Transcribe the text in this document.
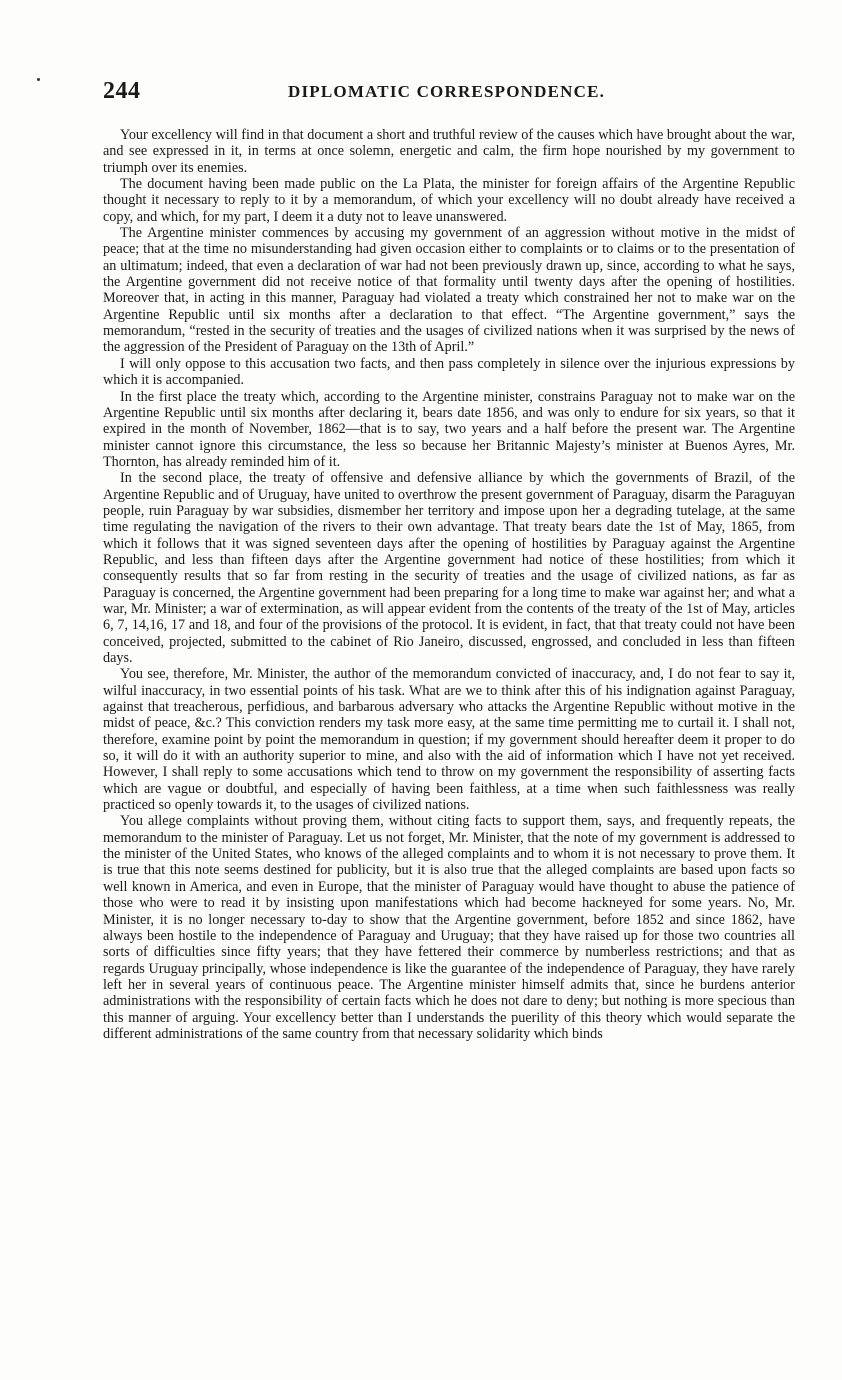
244	DIPLOMATIC CORRESPONDENCE.

Your excellency will find in that document a short and truthful review of the causes which have brought about the war, and see expressed in it, in terms at once solemn, energetic and calm, the firm hope nourished by my government to triumph over its enemies.

The document having been made public on the La Plata, the minister for foreign affairs of the Argentine Republic thought it necessary to reply to it by a memorandum, of which your excellency will no doubt already have received a copy, and which, for my part, I deem it a duty not to leave unanswered.

The Argentine minister commences by accusing my government of an aggression without motive in the midst of peace; that at the time no misunderstanding had given occasion either to complaints or to claims or to the presentation of an ultimatum; indeed, that even a declaration of war had not been previously drawn up, since, according to what he says, the Argentine government did not receive notice of that formality until twenty days after the opening of hostilities. Moreover that, in acting in this manner, Paraguay had violated a treaty which constrained her not to make war on the Argentine Republic until six months after a declaration to that effect. “The Argentine government,” says the memorandum, “rested in the security of treaties and the usages of civilized nations when it was surprised by the news of the aggression of the President of Paraguay on the 13th of April.”

I will only oppose to this accusation two facts, and then pass completely in silence over the injurious expressions by which it is accompanied.

In the first place the treaty which, according to the Argentine minister, constrains Paraguay not to make war on the Argentine Republic until six months after declaring it, bears date 1856, and was only to endure for six years, so that it expired in the month of November, 1862—that is to say, two years and a half before the present war. The Argentine minister cannot ignore this circumstance, the less so because her Britannic Majesty’s minister at Buenos Ayres, Mr. Thornton, has already reminded him of it.

In the second place, the treaty of offensive and defensive alliance by which the governments of Brazil, of the Argentine Republic and of Uruguay, have united to overthrow the present government of Paraguay, disarm the Paraguyan people, ruin Paraguay by war subsidies, dismember her territory and impose upon her a degrading tutelage, at the same time regulating the navigation of the rivers to their own advantage. That treaty bears date the 1st of May, 1865, from which it follows that it was signed seventeen days after the opening of hostilities by Paraguay against the Argentine Republic, and less than fifteen days after the Argentine government had notice of these hostilities; from which it consequently results that so far from resting in the security of treaties and the usage of civilized nations, as far as Paraguay is concerned, the Argentine government had been preparing for a long time to make war against her; and what a war, Mr. Minister; a war of extermination, as will appear evident from the contents of the treaty of the 1st of May, articles 6, 7, 14,16, 17 and 18, and four of the provisions of the protocol. It is evident, in fact, that that treaty could not have been conceived, projected, submitted to the cabinet of Rio Janeiro, discussed, engrossed, and concluded in less than fifteen days.

You see, therefore, Mr. Minister, the author of the memorandum convicted of inaccuracy, and, I do not fear to say it, wilful inaccuracy, in two essential points of his task. What are we to think after this of his indignation against Paraguay, against that treacherous, perfidious, and barbarous adversary who attacks the Argentine Republic without motive in the midst of peace, &c.? This conviction renders my task more easy, at the same time permitting me to curtail it. I shall not, therefore, examine point by point the memorandum in question; if my government should hereafter deem it proper to do so, it will do it with an authority superior to mine, and also with the aid of information which I have not yet received. However, I shall reply to some accusations which tend to throw on my government the responsibility of asserting facts which are vague or doubtful, and especially of having been faithless, at a time when such faithlessness was really practiced so openly towards it, to the usages of civilized nations.

You allege complaints without proving them, without citing facts to support them, says, and frequently repeats, the memorandum to the minister of Paraguay. Let us not forget, Mr. Minister, that the note of my government is addressed to the minister of the United States, who knows of the alleged complaints and to whom it is not necessary to prove them. It is true that this note seems destined for publicity, but it is also true that the alleged complaints are based upon facts so well known in America, and even in Europe, that the minister of Paraguay would have thought to abuse the patience of those who were to read it by insisting upon manifestations which had become hackneyed for some years. No, Mr. Minister, it is no longer necessary to-day to show that the Argentine government, before 1852 and since 1862, have always been hostile to the independence of Paraguay and Uruguay; that they have raised up for those two countries all sorts of difficulties since fifty years; that they have fettered their commerce by numberless restrictions; and that as regards Uruguay principally, whose independence is like the guarantee of the independence of Paraguay, they have rarely left her in several years of continuous peace. The Argentine minister himself admits that, since he burdens anterior administrations with the responsibility of certain facts which he does not dare to deny; but nothing is more specious than this manner of arguing. Your excellency better than I understands the puerility of this theory which would separate the different administrations of the same country from that necessary solidarity which binds
